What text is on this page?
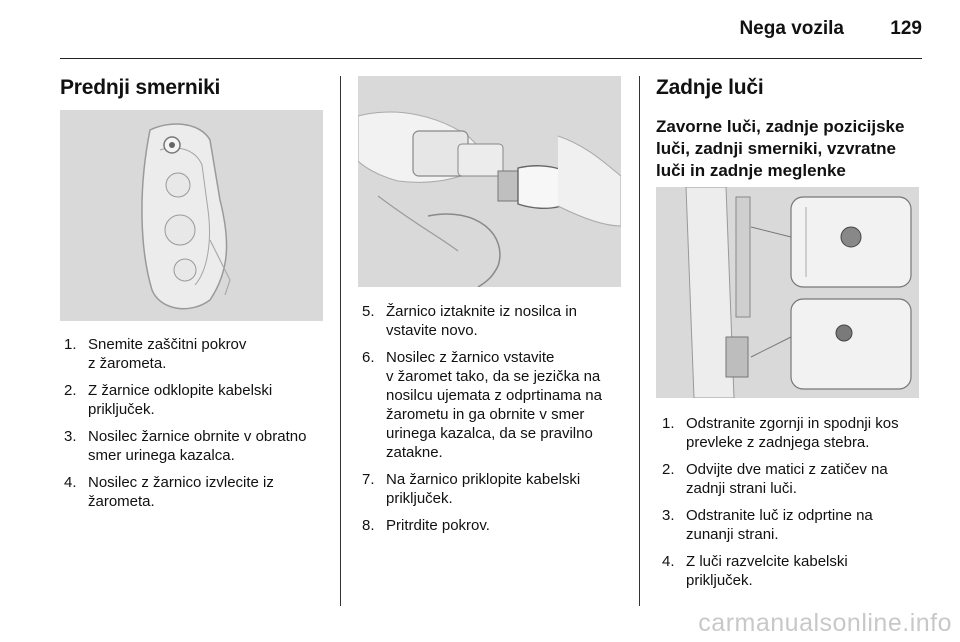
Nega vozila 129
Prednji smerniki
1. Snemite zaščitni pokrov
z žarometa.
2. Z žarnice odklopite kabelski
priključek.
3. Nosilec žarnice obrnite v obratno
smer urinega kazalca.
4. Nosilec z žarnico izvlecite iz
žarometa.
5. Žarnico iztaknite iz nosilca in
vstavite novo.
6. Nosilec z žarnico vstavite
v žaromet tako, da se jezička na
nosilcu ujemata z odprtinama na
žarometu in ga obrnite v smer
urinega kazalca, da se pravilno
zatakne.
7. Na žarnico priklopite kabelski
priključek.
8. Pritrdite pokrov.
Zadnje luči
Zavorne luči, zadnje pozicijske
luči, zadnji smerniki, vzvratne
luči in zadnje meglenke
1. Odstranite zgornji in spodnji kos
prevleke z zadnjega stebra.
2. Odvijte dve matici z zatičev na
zadnji strani luči.
3. Odstranite luč iz odprtine na
zunanji strani.
4. Z luči razvelcite kabelski
priključek.
carmanualsonline.info
